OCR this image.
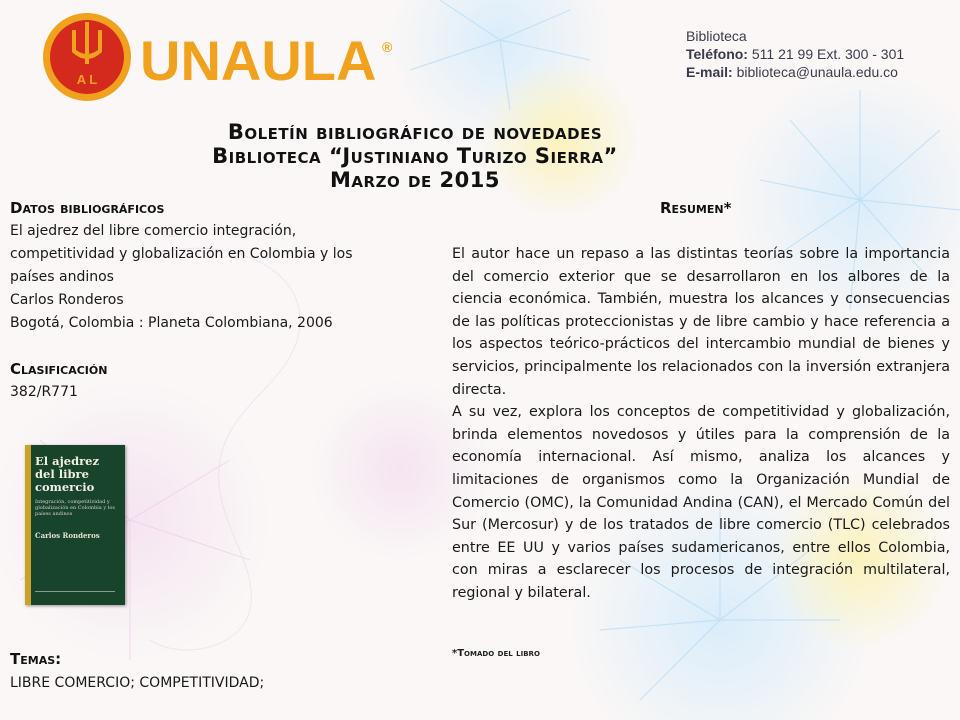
A L UNAULA ®
Biblioteca
Teléfono: 511 21 99 Ext. 300 - 301
E-mail: biblioteca@unaula.edu.co
Boletín bibliográfico de novedades
Biblioteca “Justiniano Turizo Sierra”
Marzo de 2015
Datos bibliográficos
El ajedrez del libre comercio integración, competitividad y globalización en Colombia y los países andinos
Carlos Ronderos
Bogotá, Colombia : Planeta Colombiana, 2006
Clasificación
382/R771
El ajedrez del libre comercio
Integración, competitividad y globalización en Colombia y los países andinos
Carlos Ronderos
Temas:
LIBRE COMERCIO; COMPETITIVIDAD;
Resumen*

El autor hace un repaso a las distintas teorías sobre la importancia del comercio exterior que se desarrollaron en los albores de la ciencia económica. También, muestra los alcances y consecuencias de las políticas proteccionistas y de libre cambio y hace referencia a los aspectos teórico-prácticos del intercambio mundial de bienes y servicios, principalmente los relacionados con la inversión extranjera directa.

A su vez, explora los conceptos de competitividad y globalización, brinda elementos novedosos y útiles para la comprensión de la economía internacional. Así mismo, analiza los alcances y limitaciones de organismos como la Organización Mundial de Comercio (OMC), la Comunidad Andina (CAN), el Mercado Común del Sur (Mercosur) y de los tratados de libre comercio (TLC) celebrados entre EE UU y varios países sudamericanos, entre ellos Colombia, con miras a esclarecer los procesos de integración multilateral, regional y bilateral.

*Tomado del libro
